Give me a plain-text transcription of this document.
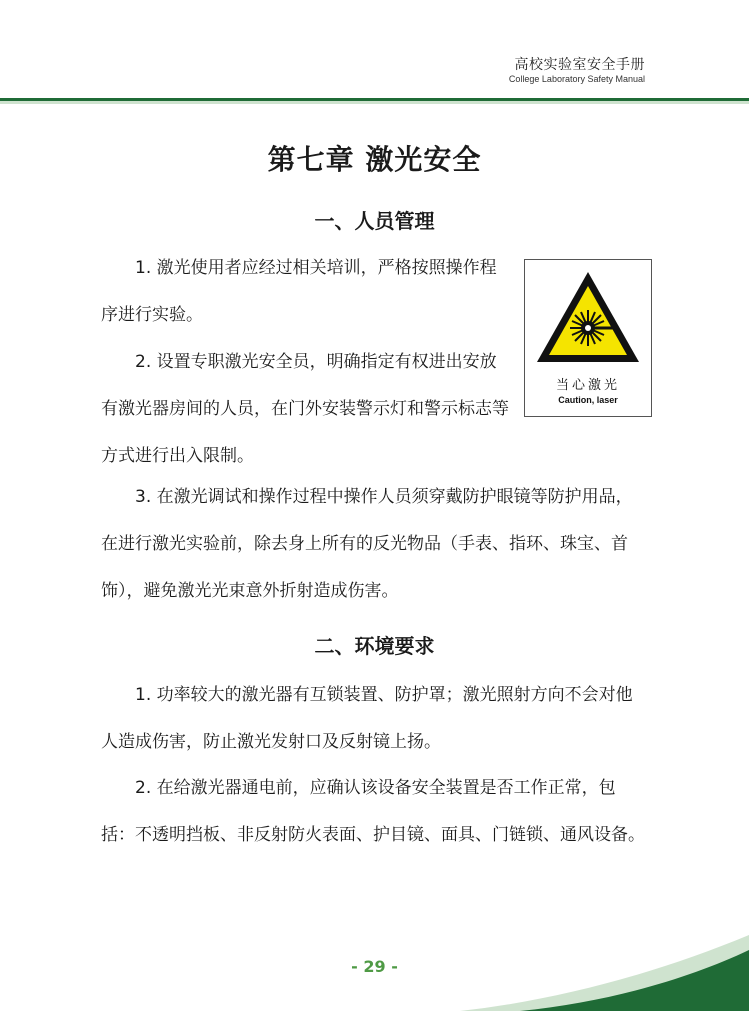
高校实验室安全手册
College Laboratory Safety Manual
第七章 激光安全
一、人员管理

1. 激光使用者应经过相关培训，严格按照操作程序进行实验。

2. 设置专职激光安全员，明确指定有权进出安放有激光器房间的人员，在门外安装警示灯和警示标志等方式进行出入限制。

3. 在激光调试和操作过程中操作人员须穿戴防护眼镜等防护用品，在进行激光实验前，除去身上所有的反光物品（手表、指环、珠宝、首饰），避免激光光束意外折射造成伤害。

二、环境要求

1. 功率较大的激光器有互锁装置、防护罩；激光照射方向不会对他人造成伤害，防止激光发射口及反射镜上扬。

2. 在给激光器通电前，应确认该设备安全装置是否工作正常，包括：不透明挡板、非反射防火表面、护目镜、面具、门链锁、通风设备。

当心激光
Caution, laser
- 29 -
